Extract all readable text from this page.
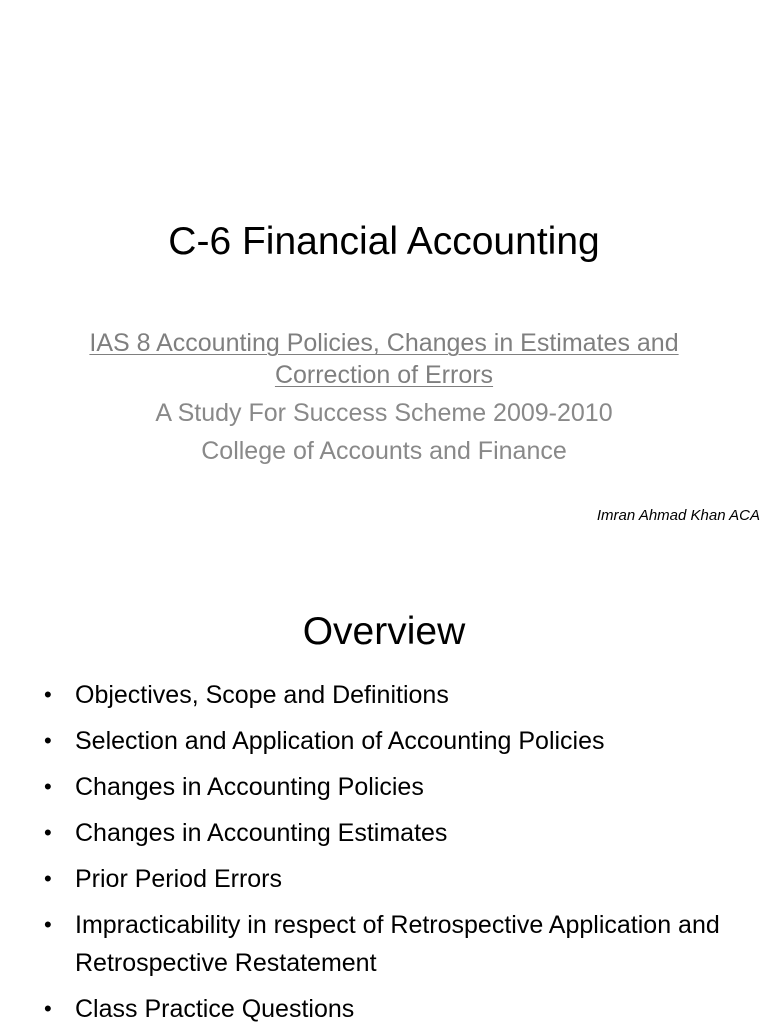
C-6 Financial Accounting
IAS 8 Accounting Policies, Changes in Estimates and Correction of Errors
A Study For Success Scheme 2009-2010
College of Accounts and Finance
Imran Ahmad Khan ACA
Overview
• Objectives, Scope and Definitions
• Selection and Application of Accounting Policies
• Changes in Accounting Policies
• Changes in Accounting Estimates
• Prior Period Errors
• Impracticability in respect of Retrospective Application and Retrospective Restatement
• Class Practice Questions
